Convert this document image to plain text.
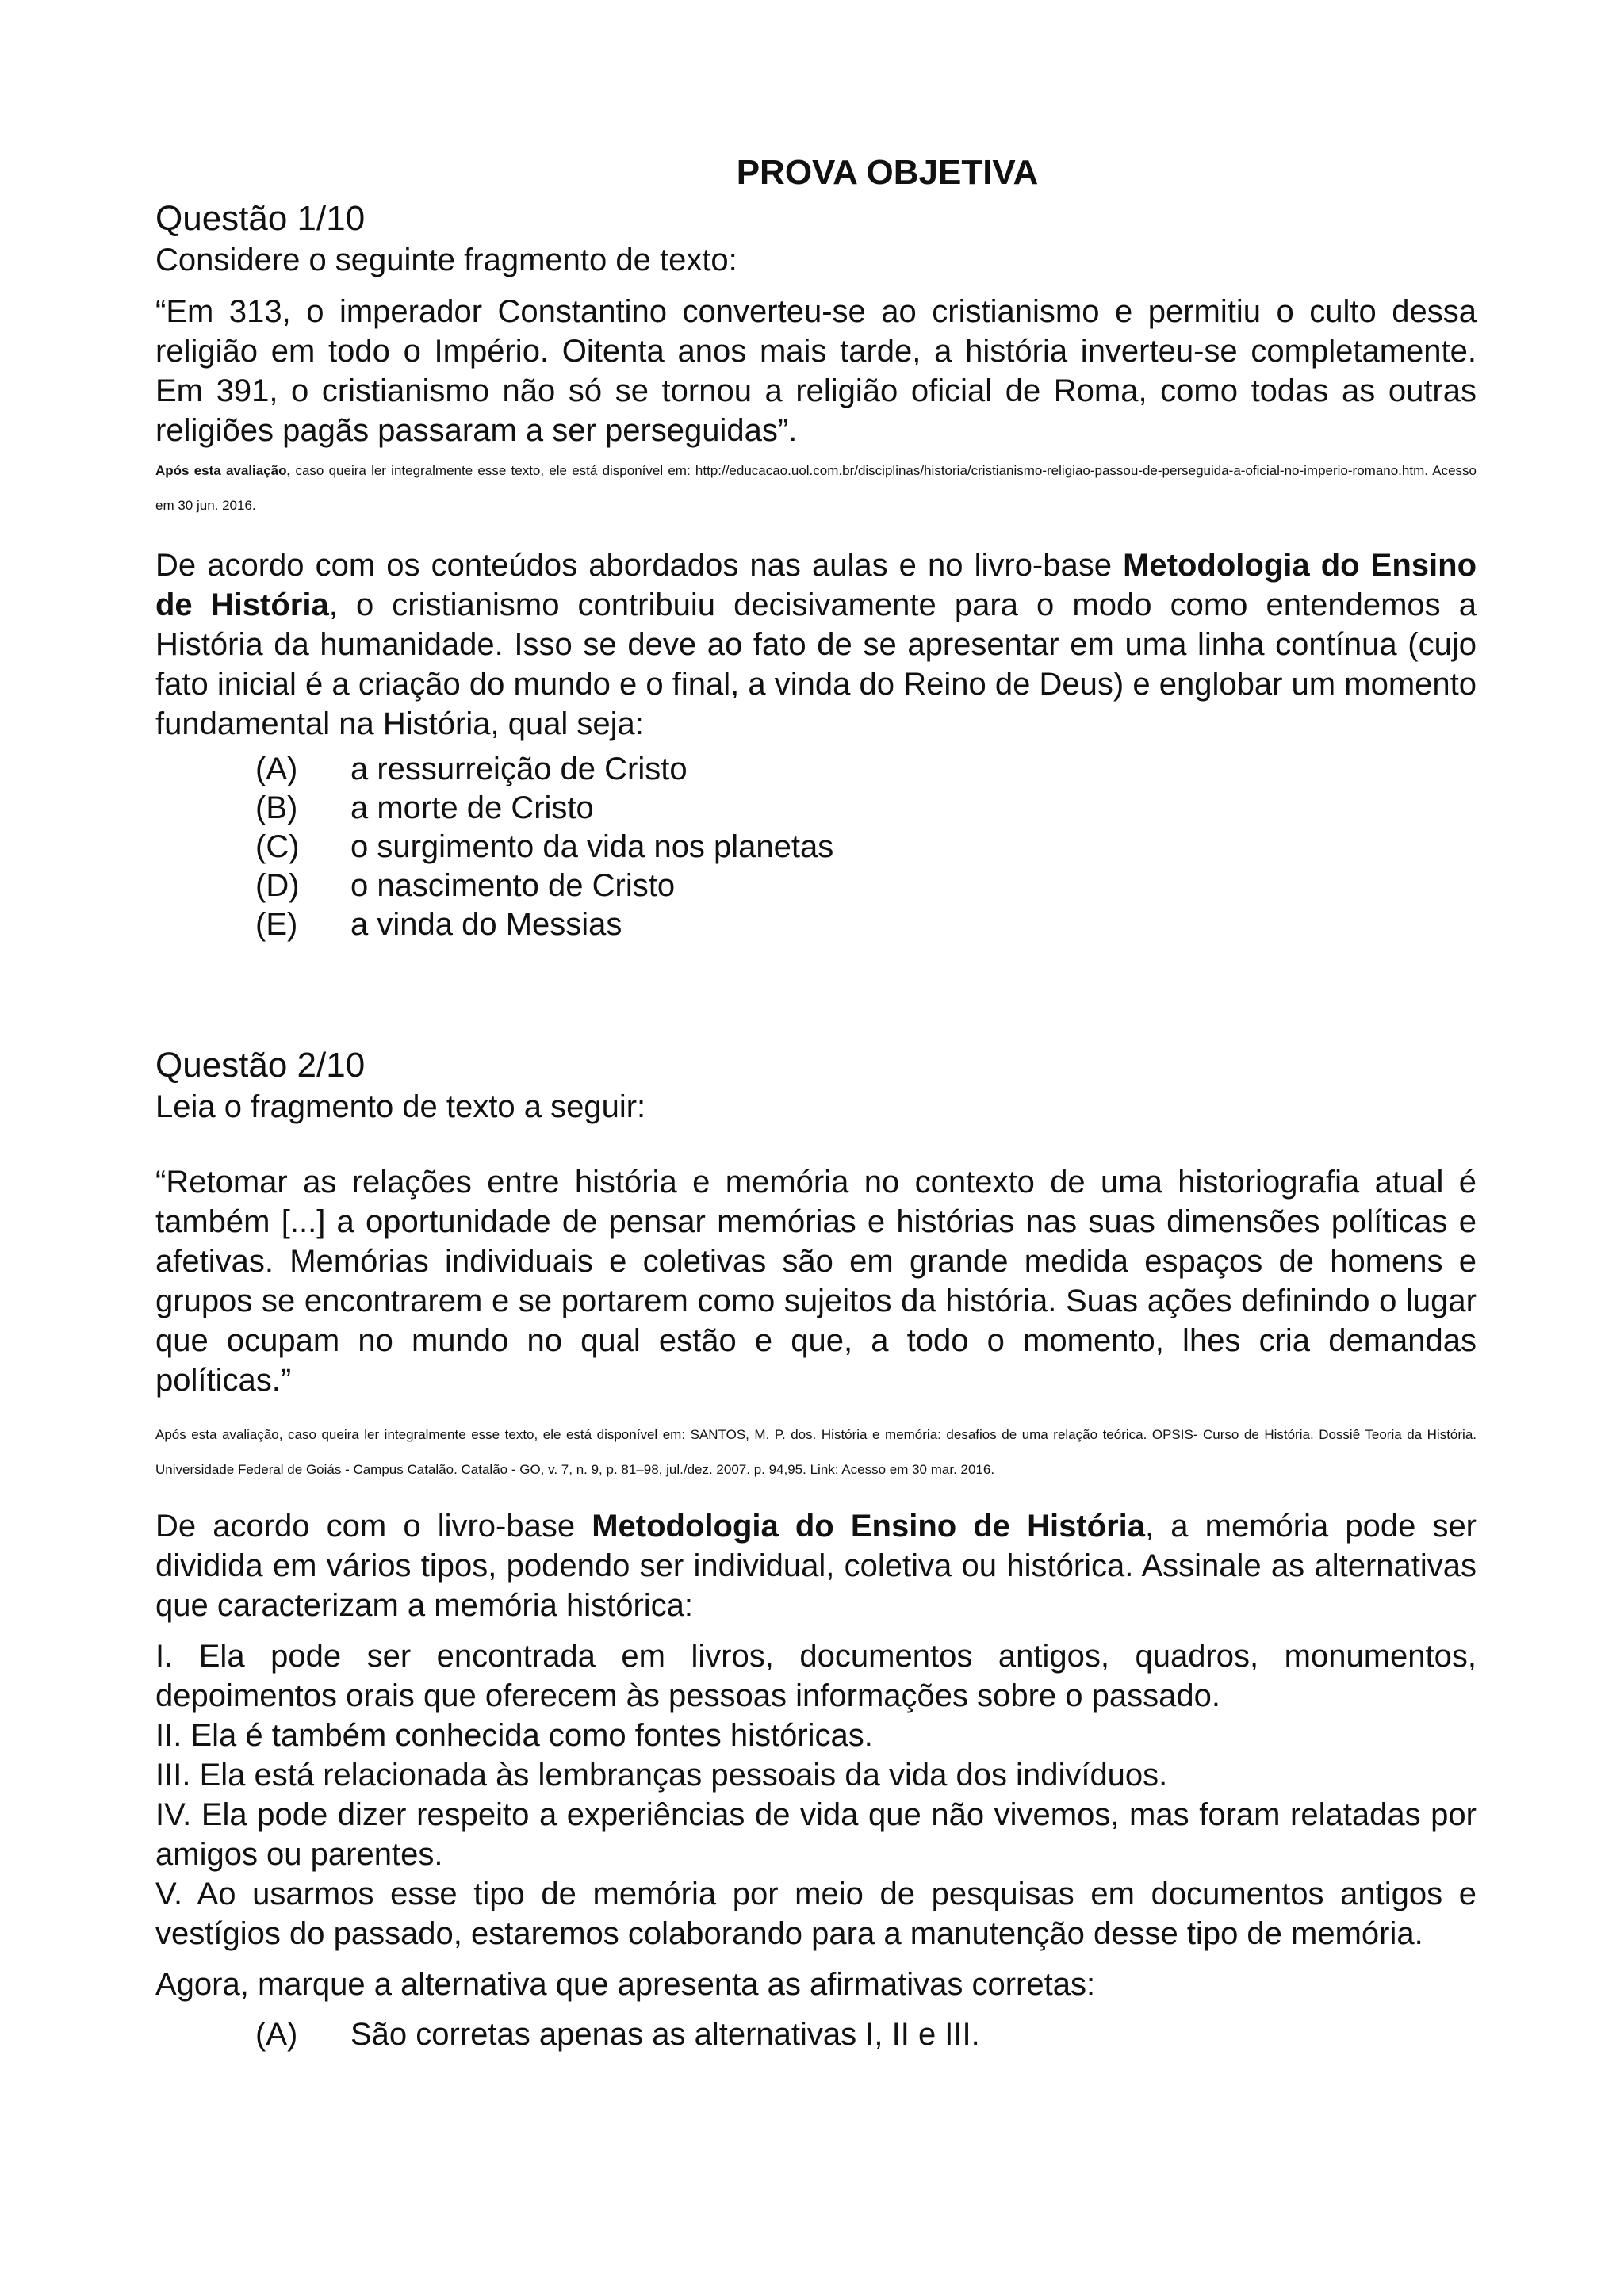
PROVA OBJETIVA

Questão 1/10

Considere o seguinte fragmento de texto:

“Em 313, o imperador Constantino converteu-se ao cristianismo e permitiu o culto dessa religião em todo o Império. Oitenta anos mais tarde, a história inverteu-se completamente. Em 391, o cristianismo não só se tornou a religião oficial de Roma, como todas as outras religiões pagãs passaram a ser perseguidas”.

Após esta avaliação, caso queira ler integralmente esse texto, ele está disponível em: http://educacao.uol.com.br/disciplinas/historia/cristianismo-religiao-passou-de-perseguida-a-oficial-no-imperio-romano.htm. Acesso em 30 jun. 2016.

De acordo com os conteúdos abordados nas aulas e no livro-base Metodologia do Ensino de História, o cristianismo contribuiu decisivamente para o modo como entendemos a História da humanidade. Isso se deve ao fato de se apresentar em uma linha contínua (cujo fato inicial é a criação do mundo e o final, a vinda do Reino de Deus) e englobar um momento fundamental na História, qual seja:

(A)	a ressurreição de Cristo
(B)	a morte de Cristo
(C)	o surgimento da vida nos planetas
(D)	o nascimento de Cristo
(E)	a vinda do Messias

Questão 2/10

Leia o fragmento de texto a seguir:

“Retomar as relações entre história e memória no contexto de uma historiografia atual é também [...] a oportunidade de pensar memórias e histórias nas suas dimensões políticas e afetivas. Memórias individuais e coletivas são em grande medida espaços de homens e grupos se encontrarem e se portarem como sujeitos da história. Suas ações definindo o lugar que ocupam no mundo no qual estão e que, a todo o momento, lhes cria demandas políticas.”

Após esta avaliação, caso queira ler integralmente esse texto, ele está disponível em: SANTOS, M. P. dos. História e memória: desafios de uma relação teórica. OPSIS- Curso de História. Dossiê Teoria da História. Universidade Federal de Goiás - Campus Catalão. Catalão - GO, v. 7, n. 9, p. 81–98, jul./dez. 2007. p. 94,95. Link: Acesso em 30 mar. 2016.

De acordo com o livro-base Metodologia do Ensino de História, a memória pode ser dividida em vários tipos, podendo ser individual, coletiva ou histórica. Assinale as alternativas que caracterizam a memória histórica:

I. Ela pode ser encontrada em livros, documentos antigos, quadros, monumentos, depoimentos orais que oferecem às pessoas informações sobre o passado.

II. Ela é também conhecida como fontes históricas.

III. Ela está relacionada às lembranças pessoais da vida dos indivíduos.

IV. Ela pode dizer respeito a experiências de vida que não vivemos, mas foram relatadas por amigos ou parentes.

V. Ao usarmos esse tipo de memória por meio de pesquisas em documentos antigos e vestígios do passado, estaremos colaborando para a manutenção desse tipo de memória.

Agora, marque a alternativa que apresenta as afirmativas corretas:

(A)	São corretas apenas as alternativas I, II e III.
